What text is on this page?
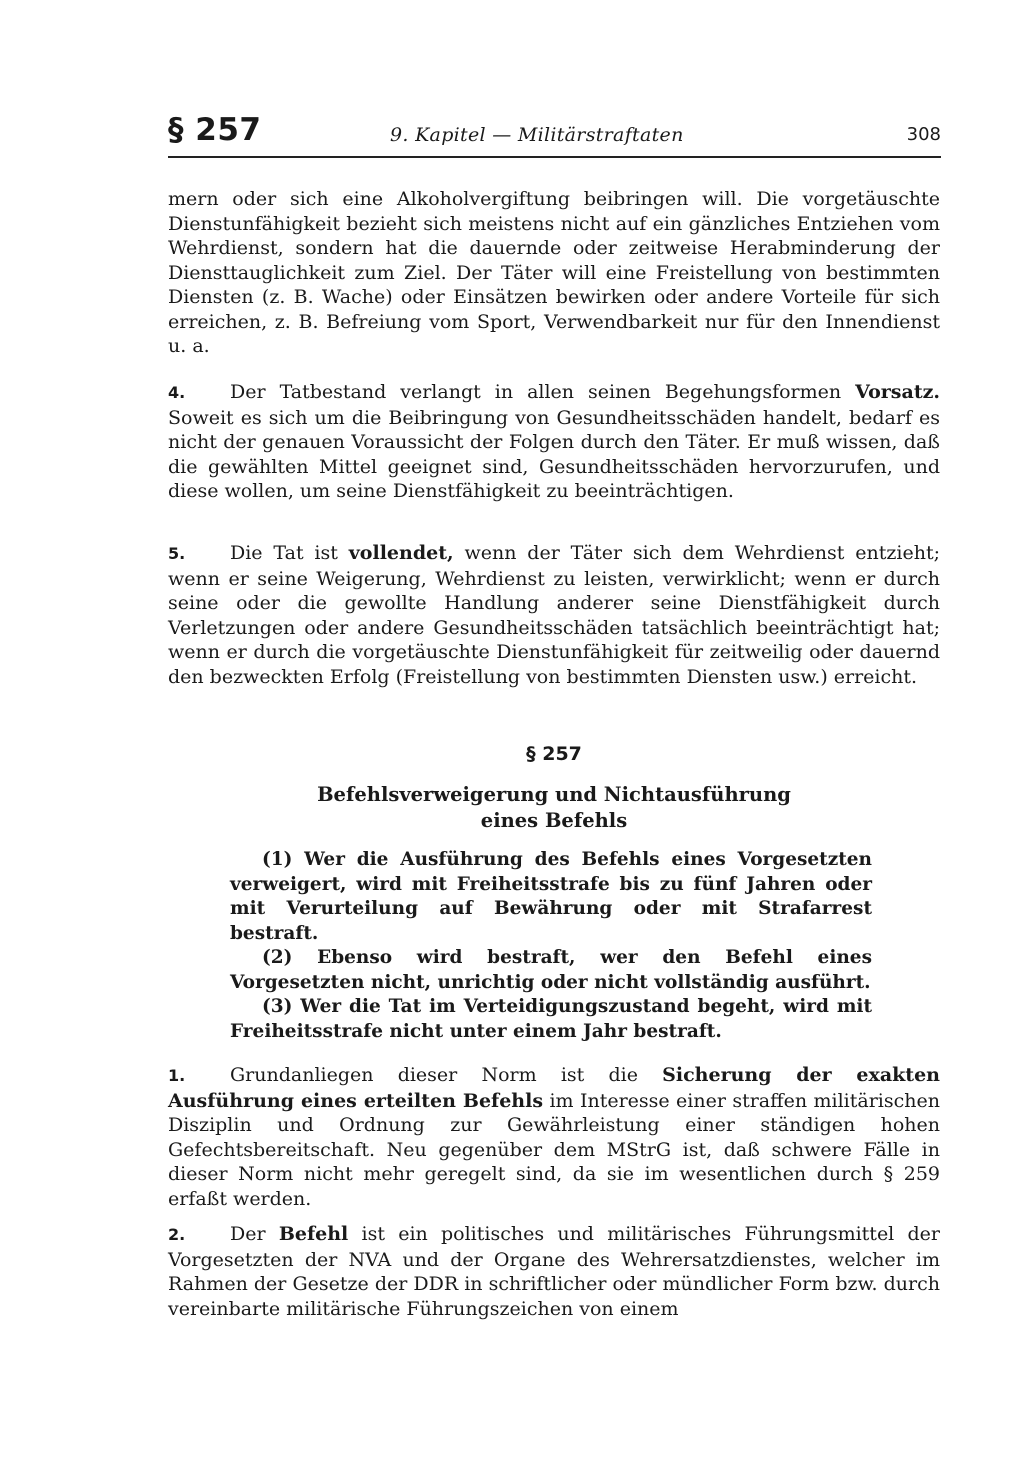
§ 257	9. Kapitel — Militärstraftaten	308
mern oder sich eine Alkoholvergiftung beibringen will. Die vorgetäuschte Dienstunfähigkeit bezieht sich meistens nicht auf ein gänzliches Entziehen vom Wehrdienst, sondern hat die dauernde oder zeitweise Herabminderung der Diensttauglichkeit zum Ziel. Der Täter will eine Freistellung von bestimmten Diensten (z. B. Wache) oder Einsätzen bewirken oder andere Vorteile für sich erreichen, z. B. Befreiung vom Sport, Verwendbarkeit nur für den Innendienst u. a.
4. Der Tatbestand verlangt in allen seinen Begehungsformen Vorsatz. Soweit es sich um die Beibringung von Gesundheitsschäden handelt, bedarf es nicht der genauen Voraussicht der Folgen durch den Täter. Er muß wissen, daß die gewählten Mittel geeignet sind, Gesundheitsschäden hervorzurufen, und diese wollen, um seine Dienstfähigkeit zu beeinträchtigen.
5. Die Tat ist vollendet, wenn der Täter sich dem Wehrdienst entzieht; wenn er seine Weigerung, Wehrdienst zu leisten, verwirklicht; wenn er durch seine oder die gewollte Handlung anderer seine Dienstfähigkeit durch Verletzungen oder andere Gesundheitsschäden tatsächlich beeinträchtigt hat; wenn er durch die vorgetäuschte Dienstunfähigkeit für zeitweilig oder dauernd den bezweckten Erfolg (Freistellung von bestimmten Diensten usw.) erreicht.
§ 257
Befehlsverweigerung und Nichtausführung
eines Befehls

(1) Wer die Ausführung des Befehls eines Vorgesetzten verweigert, wird mit Freiheitsstrafe bis zu fünf Jahren oder mit Verurteilung auf Bewährung oder mit Strafarrest bestraft.

(2) Ebenso wird bestraft, wer den Befehl eines Vorgesetzten nicht, unrichtig oder nicht vollständig ausführt.

(3) Wer die Tat im Verteidigungszustand begeht, wird mit Freiheitsstrafe nicht unter einem Jahr bestraft.

1. Grundanliegen dieser Norm ist die Sicherung der exakten Ausführung eines erteilten Befehls im Interesse einer straffen militärischen Disziplin und Ordnung zur Gewährleistung einer ständigen hohen Gefechtsbereitschaft. Neu gegenüber dem MStrG ist, daß schwere Fälle in dieser Norm nicht mehr geregelt sind, da sie im wesentlichen durch § 259 erfaßt werden.
2. Der Befehl ist ein politisches und militärisches Führungsmittel der Vorgesetzten der NVA und der Organe des Wehrersatzdienstes, welcher im Rahmen der Gesetze der DDR in schriftlicher oder mündlicher Form bzw. durch vereinbarte militärische Führungszeichen von einem
